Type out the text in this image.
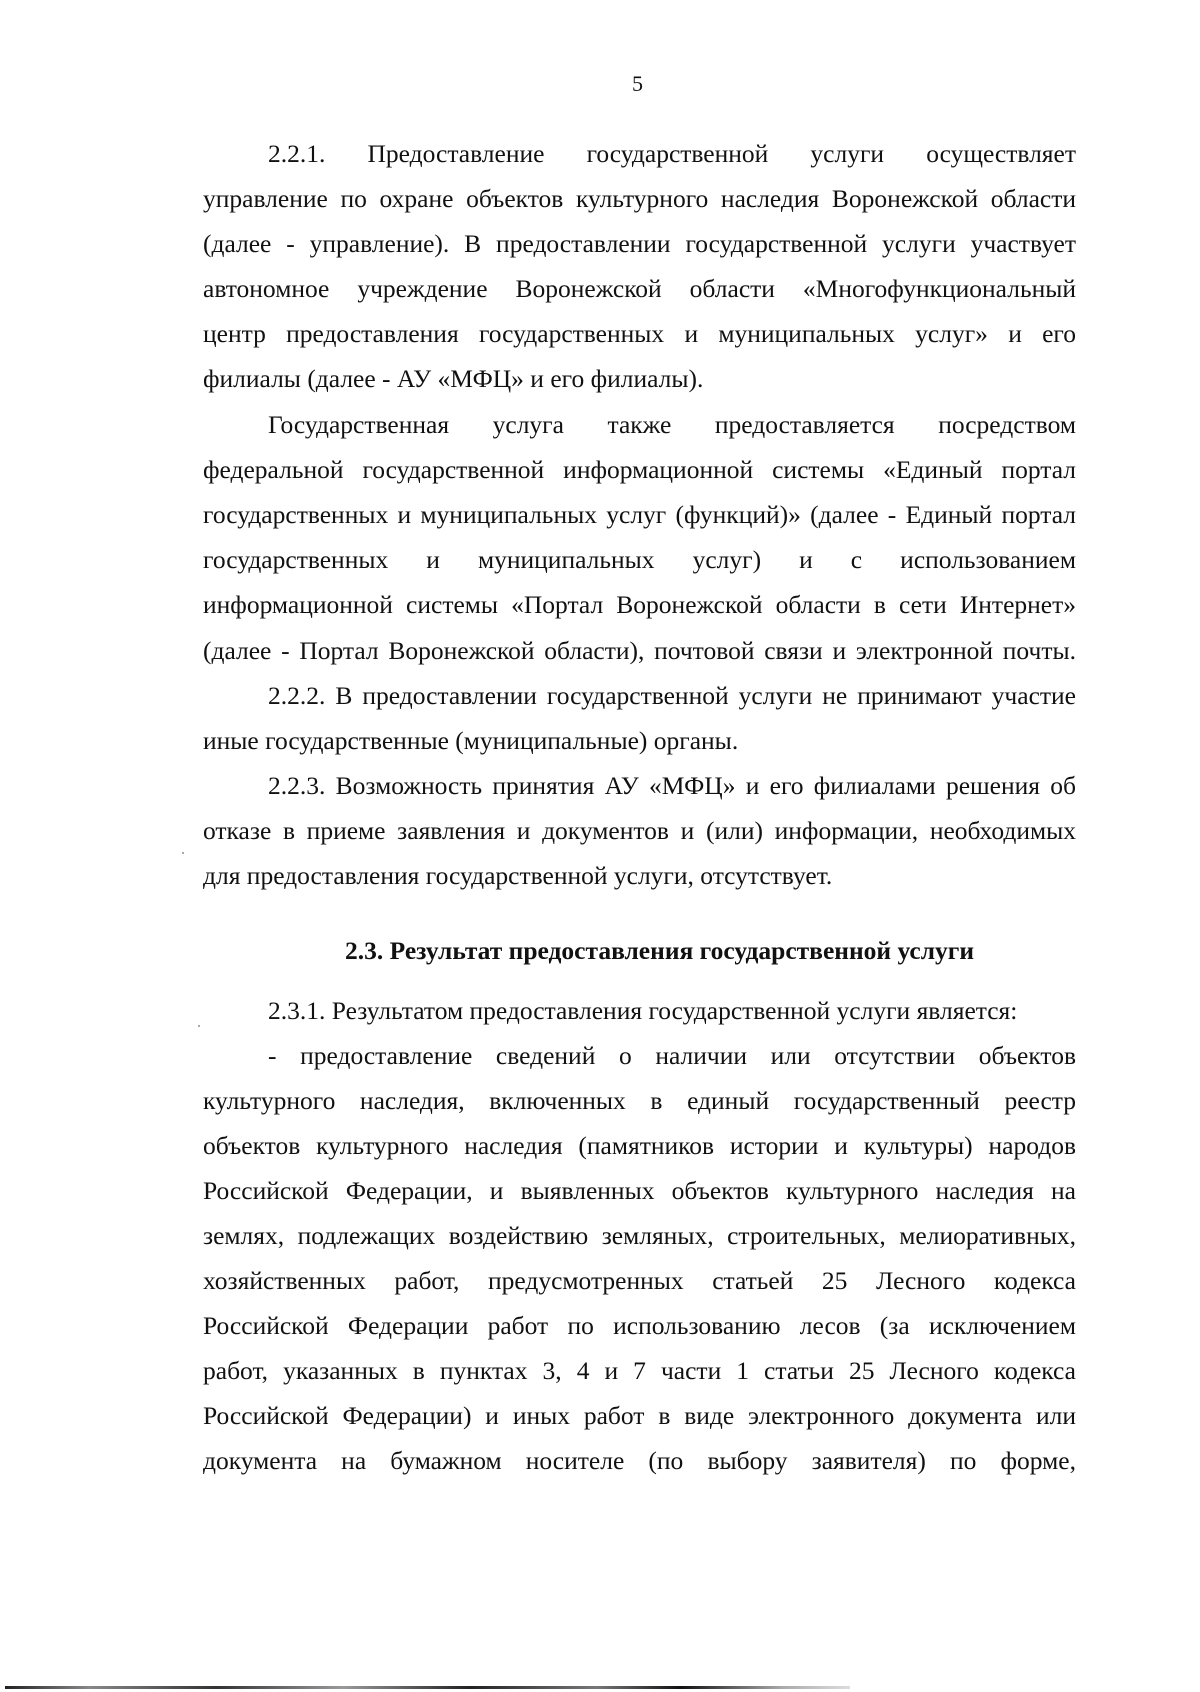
5
2.2.1. Предоставление государственной услуги осуществляет
управление по охране объектов культурного наследия Воронежской области
(далее - управление). В предоставлении государственной услуги участвует
автономное учреждение Воронежской области «Многофункциональный
центр предоставления государственных и муниципальных услуг» и его
филиалы (далее - АУ «МФЦ» и его филиалы).
Государственная услуга также предоставляется посредством
федеральной государственной информационной системы «Единый портал
государственных и муниципальных услуг (функций)» (далее - Единый портал
государственных и муниципальных услуг) и с использованием
информационной системы «Портал Воронежской области в сети Интернет»
(далее - Портал Воронежской области), почтовой связи и электронной почты.
2.2.2. В предоставлении государственной услуги не принимают участие
иные государственные (муниципальные) органы.
2.2.3. Возможность принятия АУ «МФЦ» и его филиалами решения об
отказе в приеме заявления и документов и (или) информации, необходимых
для предоставления государственной услуги, отсутствует.
2.3. Результат предоставления государственной услуги
2.3.1. Результатом предоставления государственной услуги является:
- предоставление сведений о наличии или отсутствии объектов
культурного наследия, включенных в единый государственный реестр
объектов культурного наследия (памятников истории и культуры) народов
Российской Федерации, и выявленных объектов культурного наследия на
землях, подлежащих воздействию земляных, строительных, мелиоративных,
хозяйственных работ, предусмотренных статьей 25 Лесного кодекса
Российской Федерации работ по использованию лесов (за исключением
работ, указанных в пунктах 3, 4 и 7 части 1 статьи 25 Лесного кодекса
Российской Федерации) и иных работ в виде электронного документа или
документа на бумажном носителе (по выбору заявителя) по форме,
